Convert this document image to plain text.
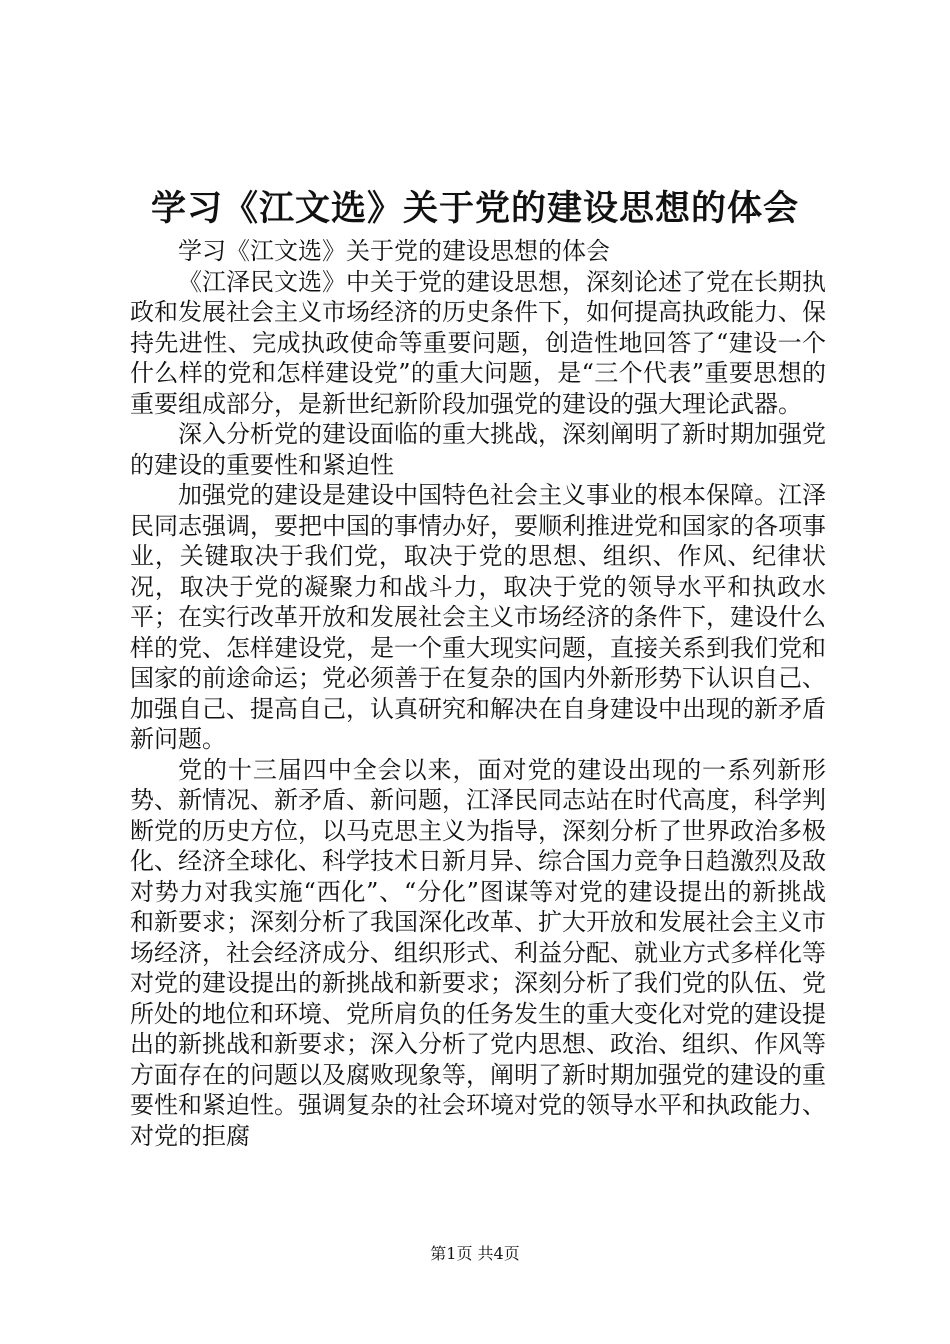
学习《江文选》关于党的建设思想的体会

学习《江文选》关于党的建设思想的体会

《江泽民文选》中关于党的建设思想，深刻论述了党在长期执政和发展社会主义市场经济的历史条件下，如何提高执政能力、保持先进性、完成执政使命等重要问题，创造性地回答了“建设一个什么样的党和怎样建设党”的重大问题，是“三个代表”重要思想的重要组成部分，是新世纪新阶段加强党的建设的强大理论武器。

深入分析党的建设面临的重大挑战，深刻阐明了新时期加强党的建设的重要性和紧迫性

加强党的建设是建设中国特色社会主义事业的根本保障。江泽民同志强调，要把中国的事情办好，要顺利推进党和国家的各项事业，关键取决于我们党，取决于党的思想、组织、作风、纪律状况，取决于党的凝聚力和战斗力，取决于党的领导水平和执政水平；在实行改革开放和发展社会主义市场经济的条件下，建设什么样的党、怎样建设党，是一个重大现实问题，直接关系到我们党和国家的前途命运；党必须善于在复杂的国内外新形势下认识自己、加强自己、提高自己，认真研究和解决在自身建设中出现的新矛盾新问题。

党的十三届四中全会以来，面对党的建设出现的一系列新形势、新情况、新矛盾、新问题，江泽民同志站在时代高度，科学判断党的历史方位，以马克思主义为指导，深刻分析了世界政治多极化、经济全球化、科学技术日新月异、综合国力竞争日趋激烈及敌对势力对我实施“西化”、“分化”图谋等对党的建设提出的新挑战和新要求；深刻分析了我国深化改革、扩大开放和发展社会主义市场经济，社会经济成分、组织形式、利益分配、就业方式多样化等对党的建设提出的新挑战和新要求；深刻分析了我们党的队伍、党所处的地位和环境、党所肩负的任务发生的重大变化对党的建设提出的新挑战和新要求；深入分析了党内思想、政治、组织、作风等方面存在的问题以及腐败现象等，阐明了新时期加强党的建设的重要性和紧迫性。强调复杂的社会环境对党的领导水平和执政能力、对党的拒腐

第1页 共4页
